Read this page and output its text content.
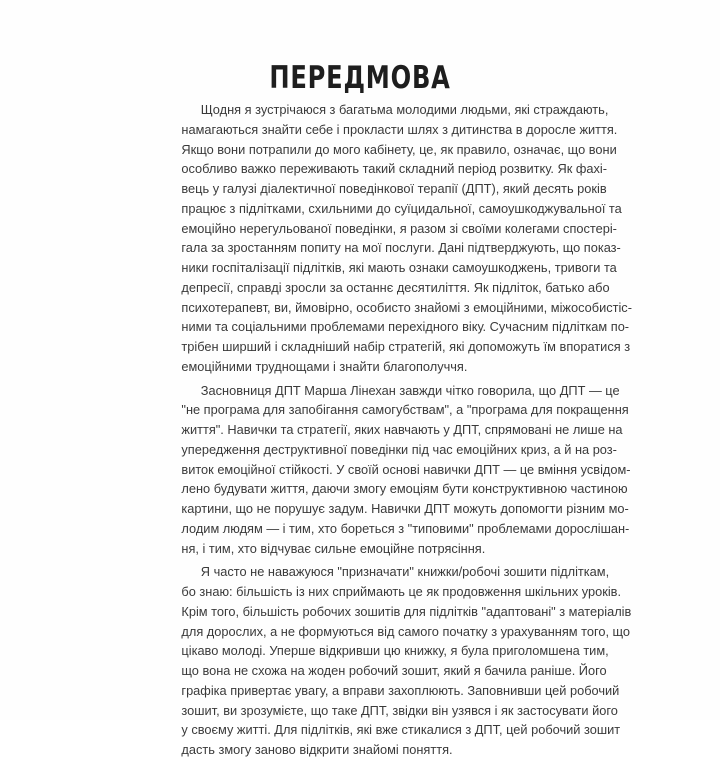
ПЕРЕДМОВА

Щодня я зустрічаюся з багатьма молодими людьми, які страждають,
намагаються знайти себе і прокласти шлях з дитинства в доросле життя.
Якщо вони потрапили до мого кабінету, це, як правило, означає, що вони
особливо важко переживають такий складний період розвитку. Як фахі-
вець у галузі діалектичної поведінкової терапії (ДПТ), який десять років
працює з підлітками, схильними до суїцидальної, самоушкоджувальної та
емоційно нерегульованої поведінки, я разом зі своїми колегами спостері-
гала за зростанням попиту на мої послуги. Дані підтверджують, що показ-
ники госпіталізації підлітків, які мають ознаки самоушкоджень, тривоги та
депресії, справді зросли за останнє десятиліття. Як підліток, батько або
психотерапевт, ви, ймовірно, особисто знайомі з емоційними, міжособистіс-
ними та соціальними проблемами перехідного віку. Сучасним підліткам по-
трібен ширший і складніший набір стратегій, які допоможуть їм впоратися з
емоційними труднощами і знайти благополуччя.

Засновниця ДПТ Марша Лінехан завжди чітко говорила, що ДПТ — це
"не програма для запобігання самогубствам", а "програма для покращення
життя". Навички та стратегії, яких навчають у ДПТ, спрямовані не лише на
упередження деструктивної поведінки під час емоційних криз, а й на роз-
виток емоційної стійкості. У своїй основі навички ДПТ — це вміння усвідом-
лено будувати життя, даючи змогу емоціям бути конструктивною частиною
картини, що не порушує задум. Навички ДПТ можуть допомогти різним мо-
лодим людям — і тим, хто бореться з "типовими" проблемами дорослішан-
ня, і тим, хто відчуває сильне емоційне потрясіння.

Я часто не наважуюся "призначати" книжки/робочі зошити підліткам,
бо знаю: більшість із них сприймають це як продовження шкільних уроків.
Крім того, більшість робочих зошитів для підлітків "адаптовані" з матеріалів
для дорослих, а не формуються від самого початку з урахуванням того, що
цікаво молоді. Уперше відкривши цю книжку, я була приголомшена тим,
що вона не схожа на жоден робочий зошит, який я бачила раніше. Його
графіка привертає увагу, а вправи захоплюють. Заповнивши цей робочий
зошит, ви зрозумієте, що таке ДПТ, звідки він узявся і як застосувати його
у своєму житті. Для підлітків, які вже стикалися з ДПТ, цей робочий зошит
дасть змогу заново відкрити знайомі поняття.
